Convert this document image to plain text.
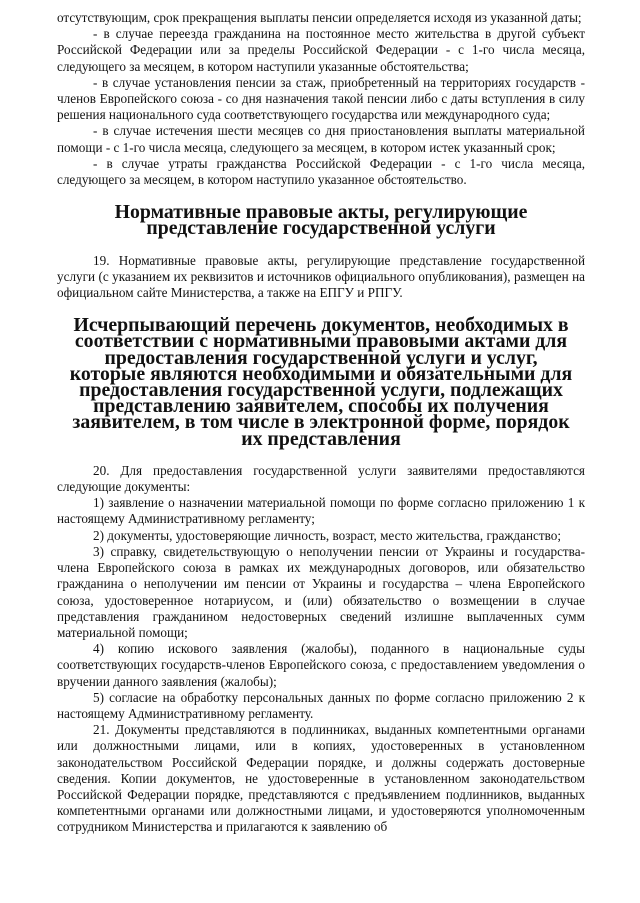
отсутствующим, срок прекращения выплаты пенсии определяется исходя из указанной даты;

- в случае переезда гражданина на постоянное место жительства в другой субъект Российской Федерации или за пределы Российской Федерации - с 1-го числа месяца, следующего за месяцем, в котором наступили указанные обстоятельства;

- в случае установления пенсии за стаж, приобретенный на территориях государств - членов Европейского союза - со дня назначения такой пенсии либо с даты вступления в силу решения национального суда соответствующего государства или международного суда;

- в случае истечения шести месяцев со дня приостановления выплаты материальной помощи - с 1-го числа месяца, следующего за месяцем, в котором истек указанный срок;

- в случае утраты гражданства Российской Федерации - с 1-го числа месяца, следующего за месяцем, в котором наступило указанное обстоятельство.

Нормативные правовые акты, регулирующие представление государственной услуги

19. Нормативные правовые акты, регулирующие представление государственной услуги (с указанием их реквизитов и источников официального опубликования), размещен на официальном сайте Министерства, а также на ЕПГУ и РПГУ.

Исчерпывающий перечень документов, необходимых в соответствии с нормативными правовыми актами для предоставления государственной услуги и услуг, которые являются необходимыми и обязательными для предоставления государственной услуги, подлежащих представлению заявителем, способы их получения заявителем, в том числе в электронной форме, порядок их представления

20. Для предоставления государственной услуги заявителями предоставляются следующие документы:

1) заявление о назначении материальной помощи по форме согласно приложению 1 к настоящему Административному регламенту;

2) документы, удостоверяющие личность, возраст, место жительства, гражданство;

3) справку, свидетельствующую о неполучении пенсии от Украины и государства-члена Европейского союза в рамках их международных договоров, или обязательство гражданина о неполучении им пенсии от Украины и государства – члена Европейского союза, удостоверенное нотариусом, и (или) обязательство о возмещении в случае представления гражданином недостоверных сведений излишне выплаченных сумм материальной помощи;

4) копию искового заявления (жалобы), поданного в национальные суды соответствующих государств-членов Европейского союза, с предоставлением уведомления о вручении данного заявления (жалобы);

5) согласие на обработку персональных данных по форме согласно приложению 2 к настоящему Административному регламенту.

21. Документы представляются в подлинниках, выданных компетентными органами или должностными лицами, или в копиях, удостоверенных в установленном законодательством Российской Федерации порядке, и должны содержать достоверные сведения. Копии документов, не удостоверенные в установленном законодательством Российской Федерации порядке, представляются с предъявлением подлинников, выданных компетентными органами или должностными лицами, и удостоверяются уполномоченным сотрудником Министерства и прилагаются к заявлению об
